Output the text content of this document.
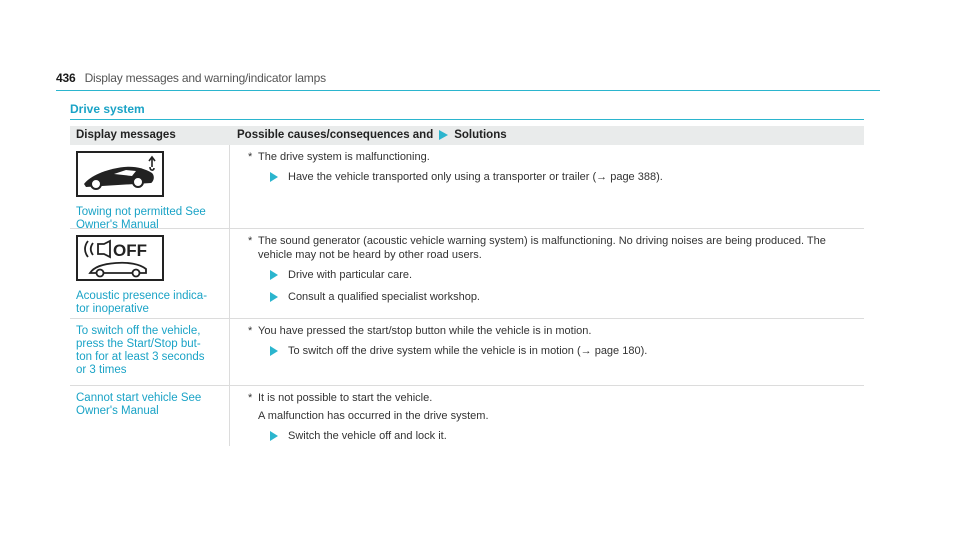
436 Display messages and warning/indicator lamps
Drive system
Display messages	Possible causes/consequences and Solutions
Towing not permitted See
Owner's Manual
* The drive system is malfunctioning.
Have the vehicle transported only using a transporter or trailer (→ page 388).
OFF
Acoustic presence indica-
tor inoperative
* The sound generator (acoustic vehicle warning system) is malfunctioning. No driving noises are being produced. The vehicle may not be heard by other road users.
Drive with particular care.
Consult a qualified specialist workshop.
To switch off the vehicle,
press the Start/Stop but-
ton for at least 3 seconds
or 3 times
* You have pressed the start/stop button while the vehicle is in motion.
To switch off the drive system while the vehicle is in motion (→ page 180).
Cannot start vehicle See
Owner's Manual
* It is not possible to start the vehicle.
A malfunction has occurred in the drive system.
Switch the vehicle off and lock it.
